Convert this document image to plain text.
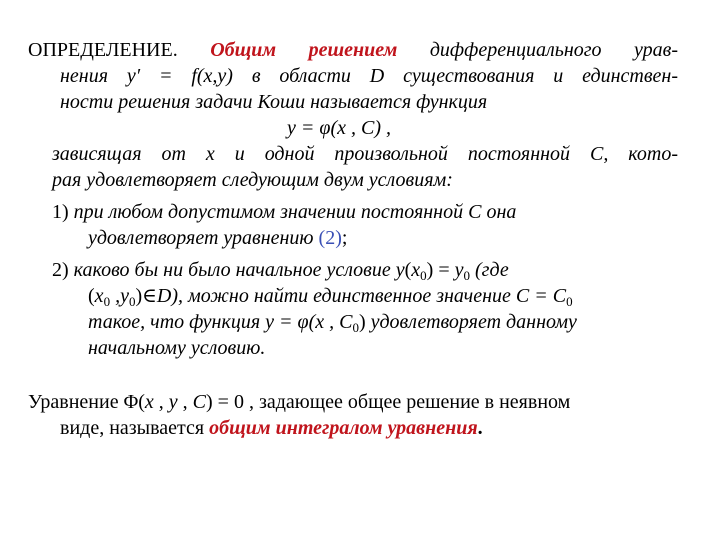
ОПРЕДЕЛЕНИЕ. Общим решением дифференциального урав-
нения y′ = f(x,y) в области D существования и единствен-
ности решения задачи Коши называется функция
y = φ(x , C) ,
зависящая от x и одной произвольной постоянной C, кото-
рая удовлетворяет следующим двум условиям:
1) при любом допустимом значении постоянной C она
удовлетворяет уравнению (2);
2) каково бы ни было начальное условие $y(x_0) = y_0$ (где
($x_0$ $,y_0)\in D$), можно найти единственное значение $C = C_0$
такое, что функция y = φ(x , $C_0$) удовлетворяет данному
начальному условию.
Уравнение Φ(x , y , C) = 0 , задающее общее решение в неявном
виде, называется общим интегралом уравнения.
